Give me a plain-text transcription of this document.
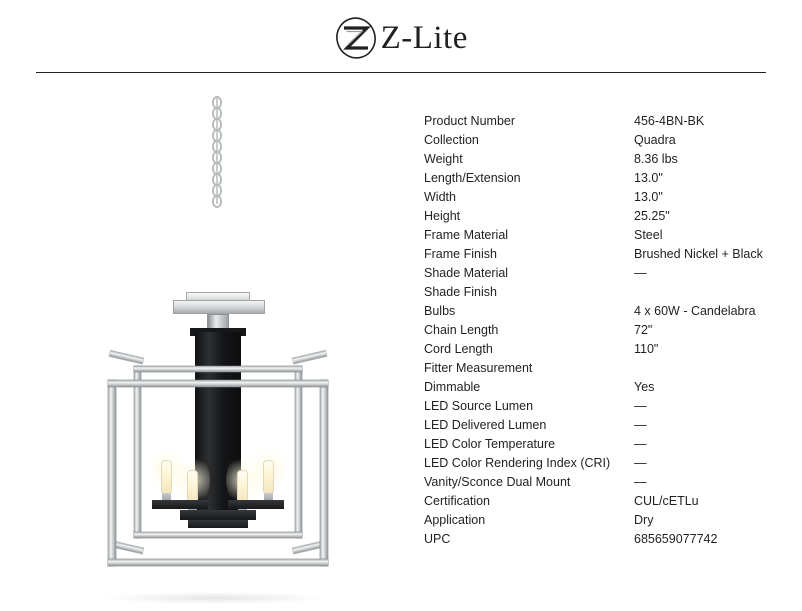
Z-Lite
Product Number	456-4BN-BK
Collection	Quadra
Weight	8.36 lbs
Length/Extension	13.0"
Width	13.0"
Height	25.25"
Frame Material	Steel
Frame Finish	Brushed Nickel + Black
Shade Material	—
Shade Finish
Bulbs	4 x 60W - Candelabra
Chain Length	72"
Cord Length	110"
Fitter Measurement
Dimmable	Yes
LED Source Lumen	—
LED Delivered Lumen	—
LED Color Temperature	—
LED Color Rendering Index (CRI)	—
Vanity/Sconce Dual Mount	—
Certification	CUL/cETLu
Application	Dry
UPC	685659077742
